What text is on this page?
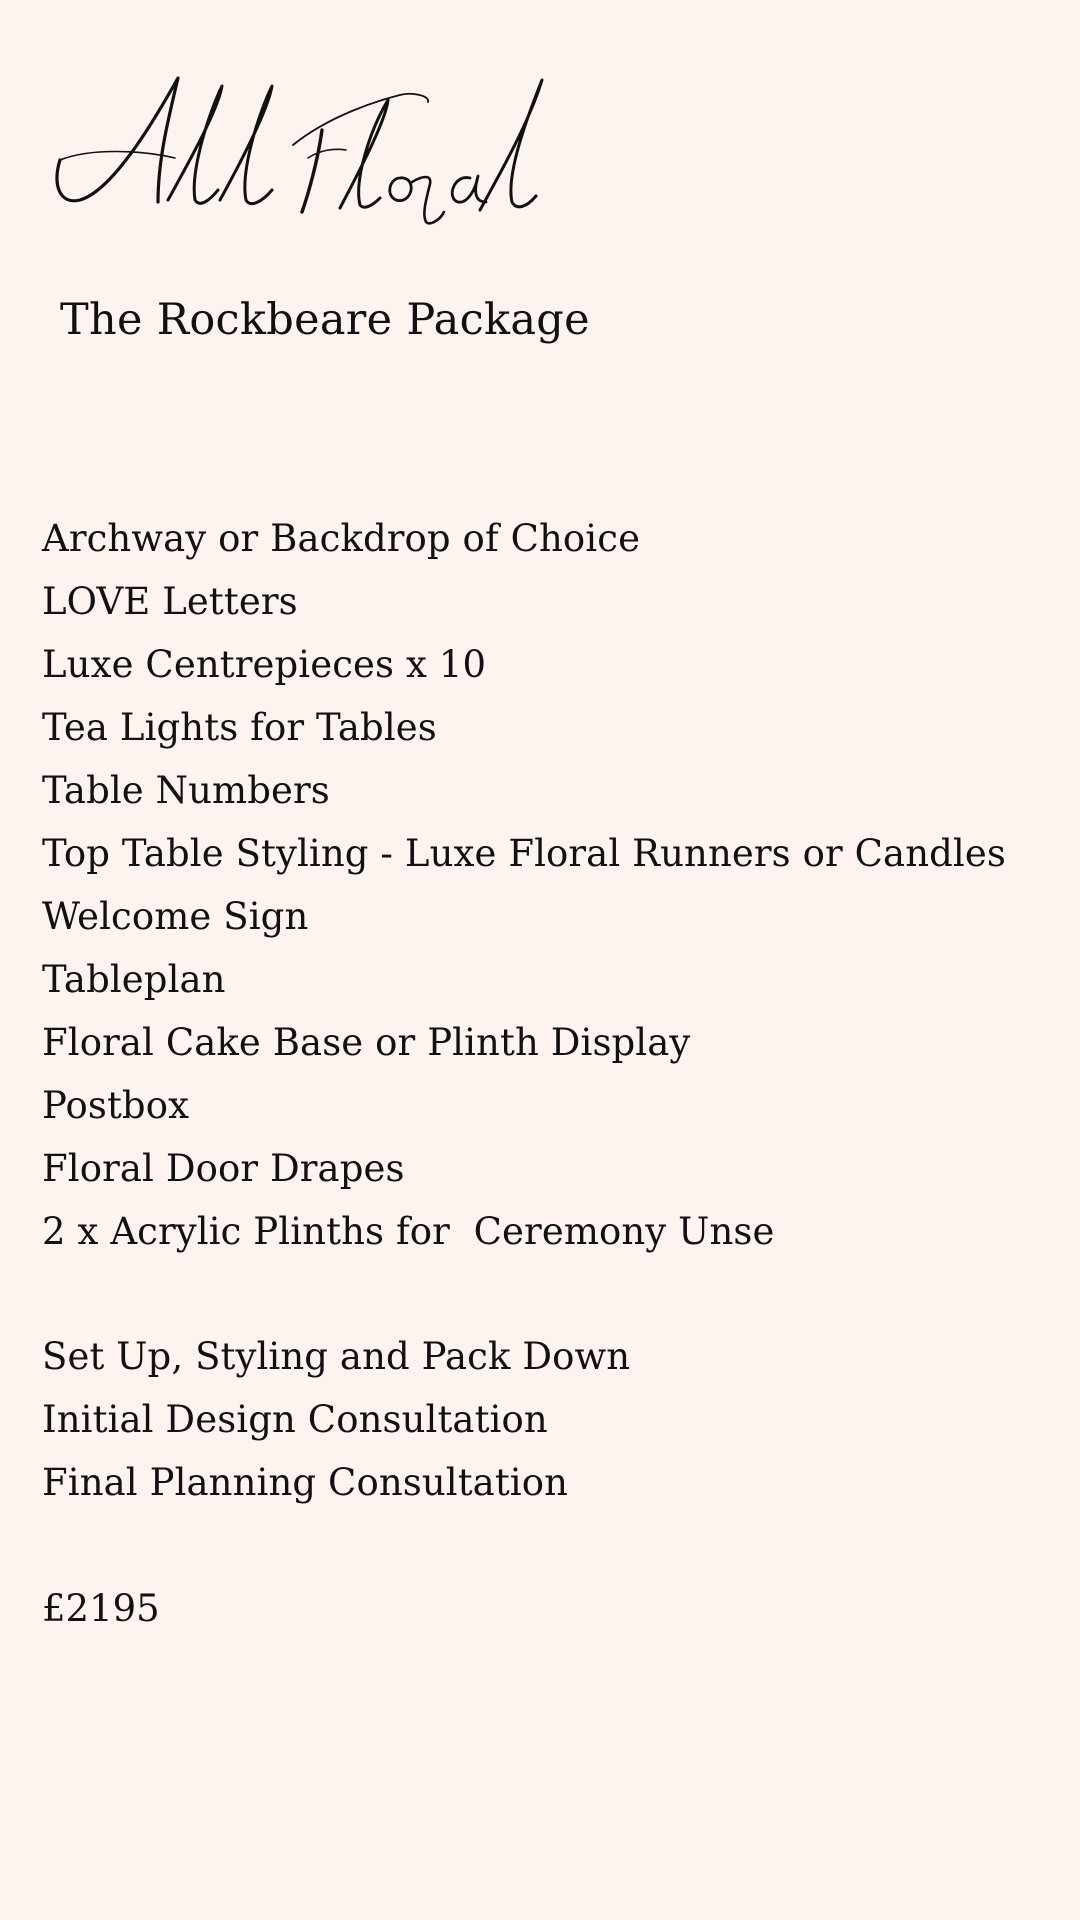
The Rockbeare Package
Archway or Backdrop of Choice
LOVE Letters
Luxe Centrepieces x 10
Tea Lights for Tables
Table Numbers
Top Table Styling - Luxe Floral Runners or Candles
Welcome Sign
Tableplan
Floral Cake Base or Plinth Display
Postbox
Floral Door Drapes
2 x Acrylic Plinths for  Ceremony Unse
Set Up, Styling and Pack Down
Initial Design Consultation
Final Planning Consultation

£2195
